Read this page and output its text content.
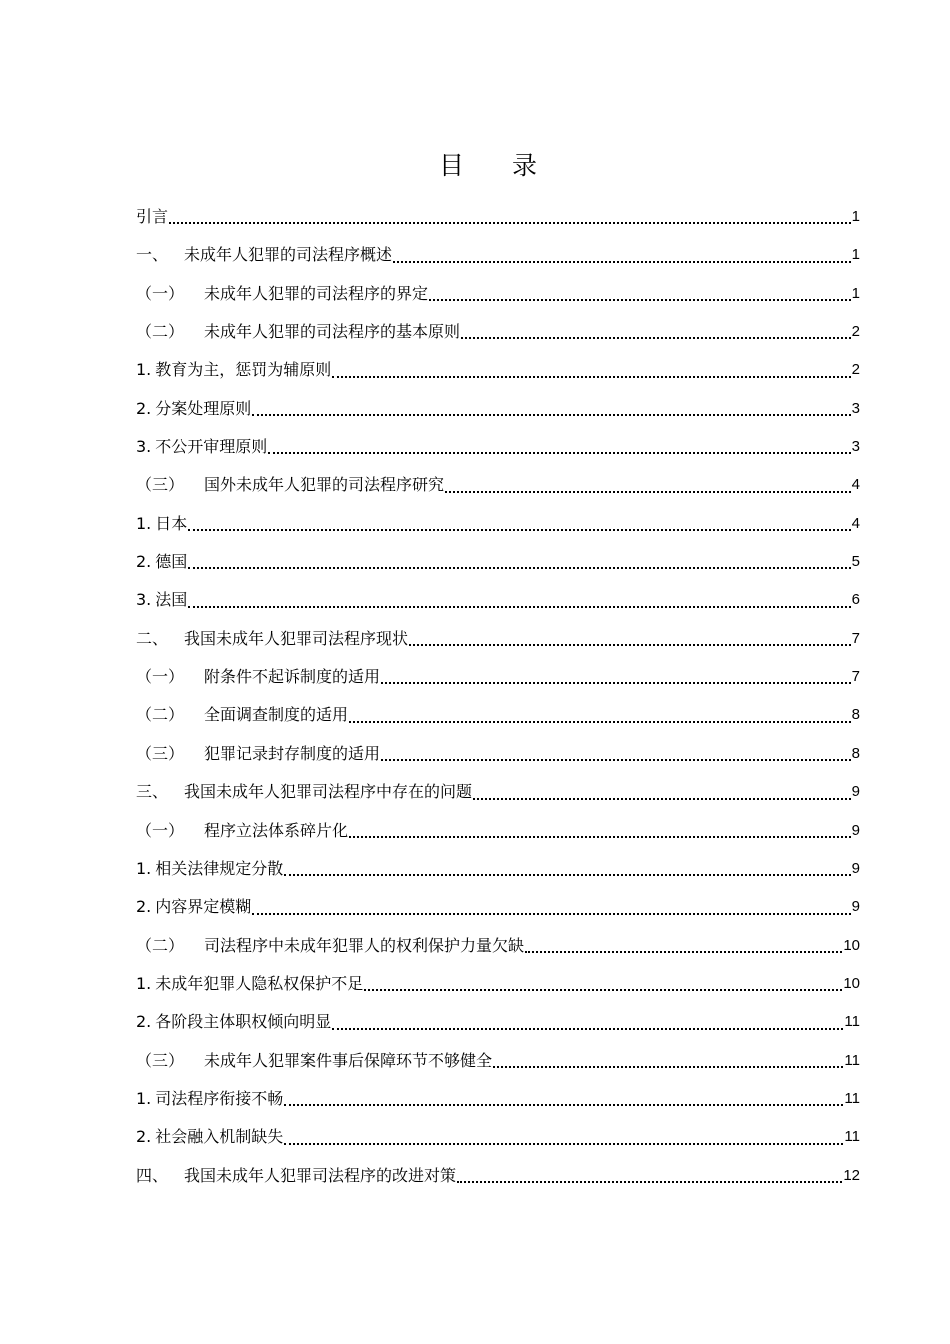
目 录
引言	1
一、 未成年人犯罪的司法程序概述	1
（一）	未成年人犯罪的司法程序的界定	1
（二）	未成年人犯罪的司法程序的基本原则	2
1. 教育为主，惩罚为辅原则	2
2. 分案处理原则	3
3. 不公开审理原则	3
（三）	国外未成年人犯罪的司法程序研究	4
1. 日本	4
2. 德国	5
3. 法国	6
二、 我国未成年人犯罪司法程序现状	7
（一）	附条件不起诉制度的适用	7
（二）	全面调查制度的适用	8
（三）	犯罪记录封存制度的适用	8
三、 我国未成年人犯罪司法程序中存在的问题	9
（一）	程序立法体系碎片化	9
1. 相关法律规定分散	9
2. 内容界定模糊	9
（二）	司法程序中未成年犯罪人的权利保护力量欠缺	10
1. 未成年犯罪人隐私权保护不足	10
2. 各阶段主体职权倾向明显	11
（三）	未成年人犯罪案件事后保障环节不够健全	11
1. 司法程序衔接不畅	11
2. 社会融入机制缺失	11
四、 我国未成年人犯罪司法程序的改进对策	12
